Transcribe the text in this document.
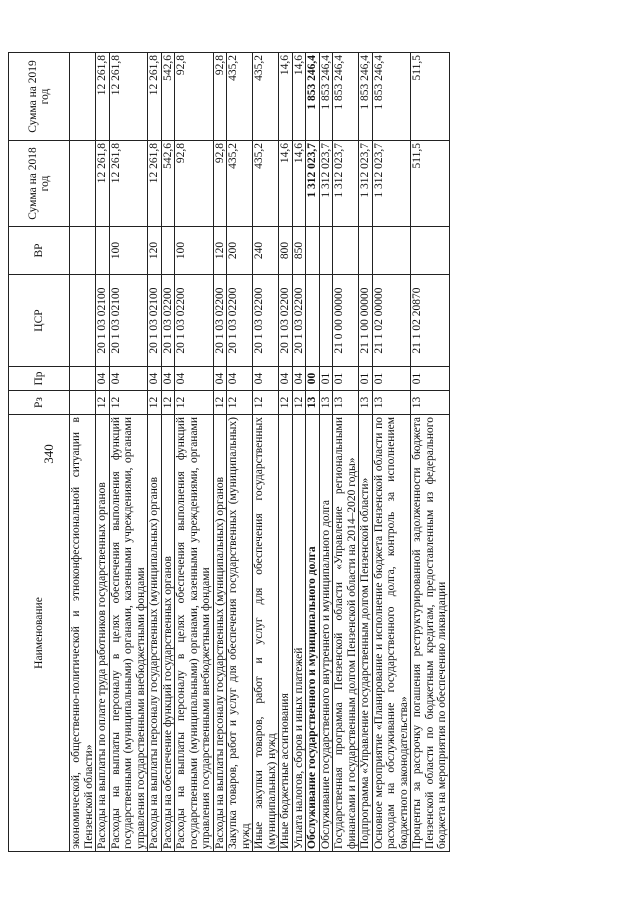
340
Наименование	Рз	Пр	ЦСР	ВР	Сумма на 2018 год	Сумма на 2019 год
экономической, общественно-политической и этноконфессиональной ситуации в Пензенской области»						
Расходы на выплаты по оплате труда работников государственных органов	12	04	20 1 03 02100		12 261,8	12 261,8
Расходы на выплаты персоналу в целях обеспечения выполнения функций государственными (муниципальными) органами, казенными учреждениями, органами управления государственными внебюджетными фондами	12	04	20 1 03 02100	100	12 261,8	12 261,8
Расходы на выплаты персоналу государственных (муниципальных) органов	12	04	20 1 03 02100	120	12 261,8	12 261,8
Расходы на обеспечение функций государственных органов	12	04	20 1 03 02200		542,6	542,6
Расходы на выплаты персоналу в целях обеспечения выполнения функций государственными (муниципальными) органами, казенными учреждениями, органами управления государственными внебюджетными фондами	12	04	20 1 03 02200	100	92,8	92,8
Расходы на выплаты персоналу государственных (муниципальных) органов	12	04	20 1 03 02200	120	92,8	92,8
Закупка товаров, работ и услуг для обеспечения государственных (муниципальных) нужд	12	04	20 1 03 02200	200	435,2	435,2
Иные закупки товаров, работ и услуг для обеспечения государственных (муниципальных) нужд	12	04	20 1 03 02200	240	435,2	435,2
Иные бюджетные ассигнования	12	04	20 1 03 02200	800	14,6	14,6
Уплата налогов, сборов и иных платежей	12	04	20 1 03 02200	850	14,6	14,6
Обслуживание государственного и муниципального долга	13	00			1 312 023,7	1 853 246,4
Обслуживание государственного внутреннего и муниципального долга	13	01			1 312 023,7	1 853 246,4
Государственная программа Пензенской области «Управление региональными финансами и государственным долгом Пензенской области на 2014–2020 годы»	13	01	21 0 00 00000		1 312 023,7	1 853 246,4
Подпрограмма «Управление государственным долгом Пензенской области»	13	01	21 1 00 00000		1 312 023,7	1 853 246,4
Основное мероприятие «Планирование и исполнение бюджета Пензенской области по расходам на обслуживание государственного долга, контроль за исполнением бюджетного законодательства»	13	01	21 1 02 00000		1 312 023,7	1 853 246,4
Проценты за рассрочку погашения реструктурированной задолженности бюджета Пензенской области по бюджетным кредитам, предоставленным из федерального бюджета на мероприятия по обеспечению ликвидации	13	01	21 1 02 20870		511,5	511,5
